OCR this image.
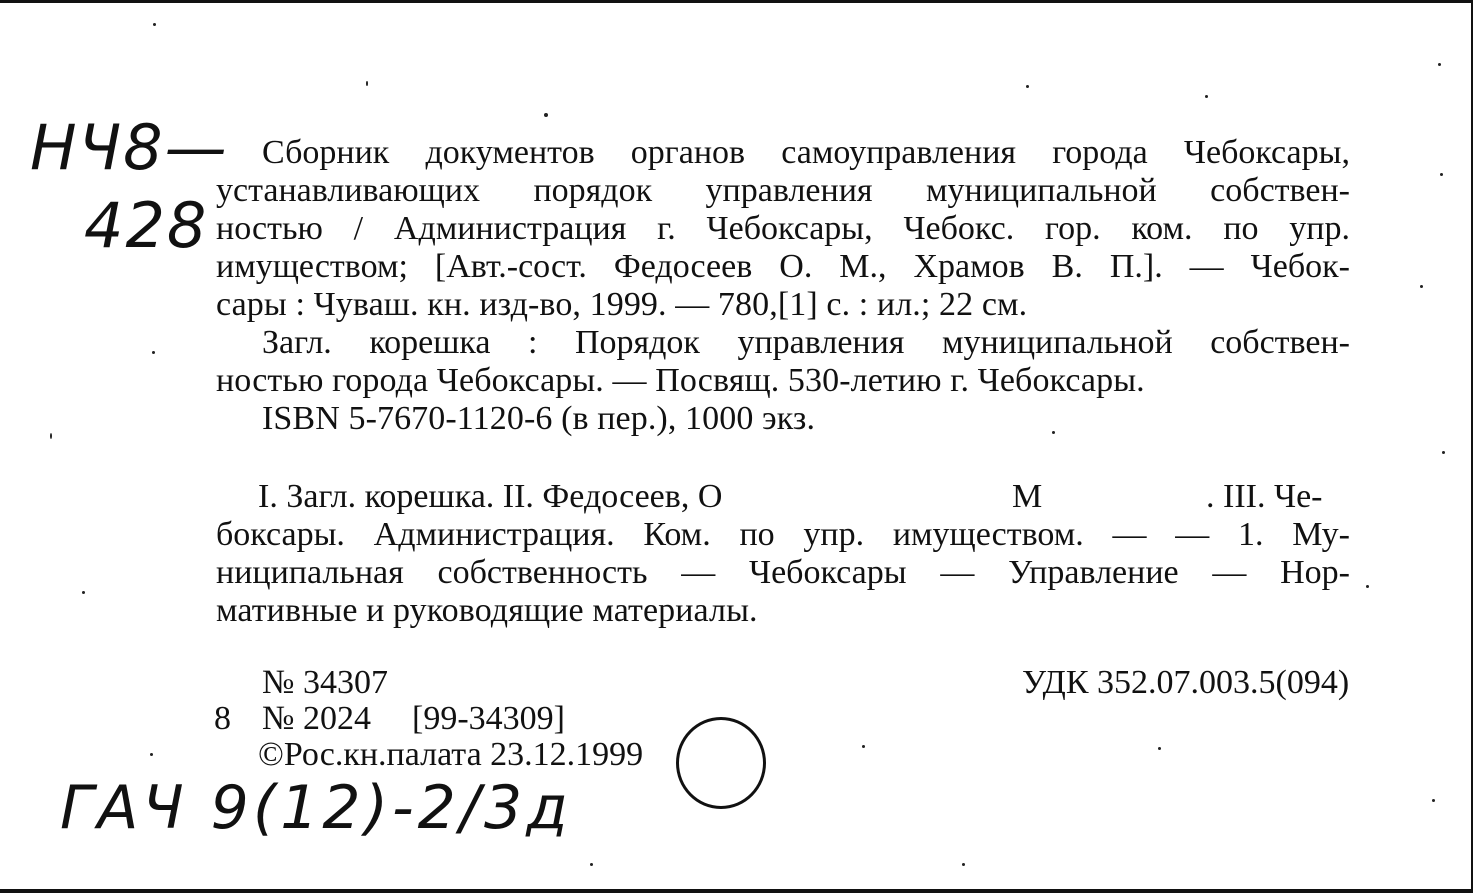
НЧ8—
428
Сборник документов органов самоуправления города Чебоксары,
устанавливающих порядок управления муниципальной собствен-
ностью / Администрация г. Чебоксары, Чебокс. гор. ком. по упр.
имуществом; [Авт.-сост. Федосеев О. М., Храмов В. П.]. — Чебок-
сары : Чуваш. кн. изд-во, 1999. — 780,[1] с. : ил.; 22 см.
Загл. корешка : Порядок управления муниципальной собствен-
ностью города Чебоксары. — Посвящ. 530-летию г. Чебоксары.
ISBN 5-7670-1120-6 (в пер.), 1000 экз.
I. Загл. корешка. II. Федосеев, О	М	. III. Че-
боксары. Администрация. Ком. по упр. имуществом. — — 1. Му-
ниципальная собственность — Чебоксары — Управление — Нор-
мативные и руководящие материалы.
№ 34307	УДК 352.07.003.5(094)
8 № 2024 [99-34309]
©Рос.кн.палата 23.12.1999
ГАЧ 9(12)-2/3д
